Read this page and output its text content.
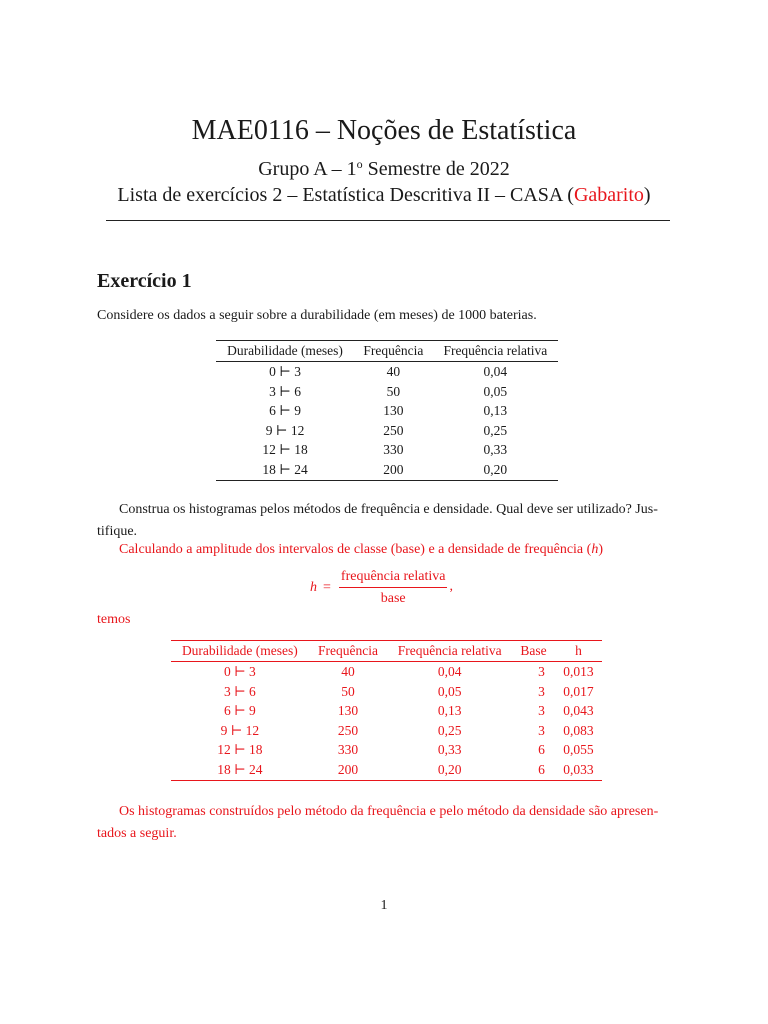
MAE0116 – Noções de Estatística
Grupo A – 1$^o$ Semestre de 2022
Lista de exercícios 2 – Estatística Descritiva II – CASA (Gabarito)
Exercício 1
Considere os dados a seguir sobre a durabilidade (em meses) de 1000 baterias.
Durabilidade (meses)	Frequência	Frequência relativa
0 ⊢ 3	40	0,04
3 ⊢ 6	50	0,05
6 ⊢ 9	130	0,13
9 ⊢ 12	250	0,25
12 ⊢ 18	330	0,33
18 ⊢ 24	200	0,20
Construa os histogramas pelos métodos de frequência e densidade. Qual deve ser utilizado? Jus-
tifique.
Calculando a amplitude dos intervalos de classe (base) e a densidade de frequência (h)
$h = \frac{\text{frequência relativa}}{\text{base}}$ ,
temos
Durabilidade (meses)	Frequência	Frequência relativa	Base	h
0 ⊢ 3	40	0,04	3	0,013
3 ⊢ 6	50	0,05	3	0,017
6 ⊢ 9	130	0,13	3	0,043
9 ⊢ 12	250	0,25	3	0,083
12 ⊢ 18	330	0,33	6	0,055
18 ⊢ 24	200	0,20	6	0,033
Os histogramas construídos pelo método da frequência e pelo método da densidade são apresen-
tados a seguir.
1
